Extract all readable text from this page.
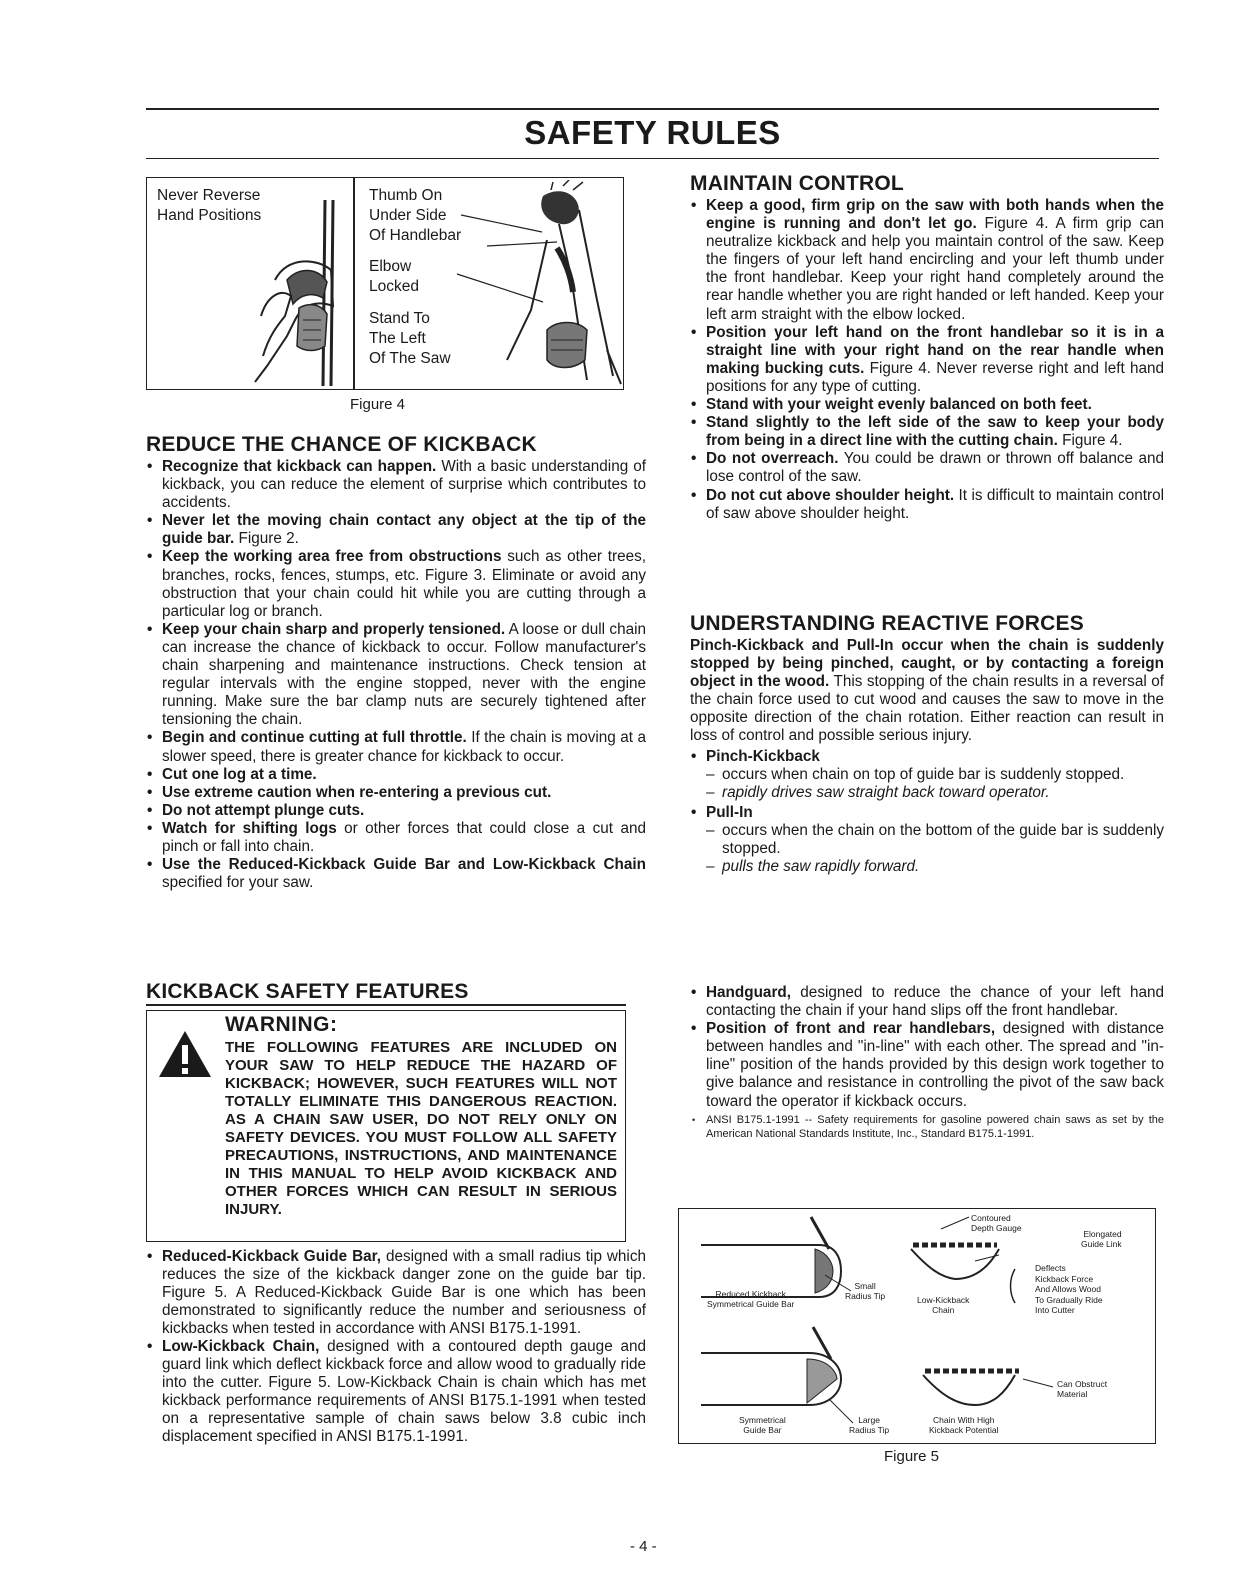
SAFETY RULES
Never Reverse
Hand Positions
Thumb On
Under Side
Of Handlebar
Elbow
Locked
Stand To
The Left
Of The Saw
Figure 4
REDUCE THE CHANCE OF KICKBACK
• Recognize that kickback can happen. With a basic understanding of kickback, you can reduce the element of surprise which contributes to accidents.
• Never let the moving chain contact any object at the tip of the guide bar. Figure 2.
• Keep the working area free from obstructions such as other trees, branches, rocks, fences, stumps, etc. Figure 3. Eliminate or avoid any obstruction that your chain could hit while you are cutting through a particular log or branch.
• Keep your chain sharp and properly tensioned. A loose or dull chain can increase the chance of kickback to occur. Follow manufacturer's chain sharpening and maintenance instructions. Check tension at regular intervals with the engine stopped, never with the engine running. Make sure the bar clamp nuts are securely tightened after tensioning the chain.
• Begin and continue cutting at full throttle. If the chain is moving at a slower speed, there is greater chance for kickback to occur.
• Cut one log at a time.
• Use extreme caution when re-entering a previous cut.
• Do not attempt plunge cuts.
• Watch for shifting logs or other forces that could close a cut and pinch or fall into chain.
• Use the Reduced-Kickback Guide Bar and Low-Kickback Chain specified for your saw.
KICKBACK SAFETY FEATURES
WARNING:
THE FOLLOWING FEATURES ARE INCLUDED ON YOUR SAW TO HELP REDUCE THE HAZARD OF KICKBACK; HOWEVER, SUCH FEATURES WILL NOT TOTALLY ELIMINATE THIS DANGEROUS REACTION. AS A CHAIN SAW USER, DO NOT RELY ONLY ON SAFETY DEVICES. YOU MUST FOLLOW ALL SAFETY PRECAUTIONS, INSTRUCTIONS, AND MAINTENANCE IN THIS MANUAL TO HELP AVOID KICKBACK AND OTHER FORCES WHICH CAN RESULT IN SERIOUS INJURY.
• Reduced-Kickback Guide Bar, designed with a small radius tip which reduces the size of the kickback danger zone on the guide bar tip. Figure 5. A Reduced-Kickback Guide Bar is one which has been demonstrated to significantly reduce the number and seriousness of kickbacks when tested in accordance with ANSI B175.1-1991.
• Low-Kickback Chain, designed with a contoured depth gauge and guard link which deflect kickback force and allow wood to gradually ride into the cutter. Figure 5. Low-Kickback Chain is chain which has met kickback performance requirements of ANSI B175.1-1991 when tested on a representative sample of chain saws below 3.8 cubic inch displacement specified in ANSI B175.1-1991.
MAINTAIN CONTROL
• Keep a good, firm grip on the saw with both hands when the engine is running and don't let go. Figure 4. A firm grip can neutralize kickback and help you maintain control of the saw. Keep the fingers of your left hand encircling and your left thumb under the front handlebar. Keep your right hand completely around the rear handle whether you are right handed or left handed. Keep your left arm straight with the elbow locked.
• Position your left hand on the front handlebar so it is in a straight line with your right hand on the rear handle when making bucking cuts. Figure 4. Never reverse right and left hand positions for any type of cutting.
• Stand with your weight evenly balanced on both feet.
• Stand slightly to the left side of the saw to keep your body from being in a direct line with the cutting chain. Figure 4.
• Do not overreach. You could be drawn or thrown off balance and lose control of the saw.
• Do not cut above shoulder height. It is difficult to maintain control of saw above shoulder height.
UNDERSTANDING REACTIVE FORCES

Pinch-Kickback and Pull-In occur when the chain is suddenly stopped by being pinched, caught, or by contacting a foreign object in the wood. This stopping of the chain results in a reversal of the chain force used to cut wood and causes the saw to move in the opposite direction of the chain rotation. Either reaction can result in loss of control and possible serious injury.

• Pinch-Kickback
– occurs when chain on top of guide bar is suddenly stopped.
– rapidly drives saw straight back toward operator.
• Pull-In
– occurs when the chain on the bottom of the guide bar is suddenly stopped.
– pulls the saw rapidly forward.
• Handguard, designed to reduce the chance of your left hand contacting the chain if your hand slips off the front handlebar.
• Position of front and rear handlebars, designed with distance between handles and "in-line" with each other. The spread and "in-line" position of the hands provided by this design work together to give balance and resistance in controlling the pivot of the saw back toward the operator if kickback occurs.
• ANSI B175.1-1991 -- Safety requirements for gasoline powered chain saws as set by the American National Standards Institute, Inc., Standard B175.1-1991.
Reduced Kickback
Symmetrical Guide Bar
Small
Radius Tip
Contoured
Depth Gauge
Elongated
Guide Link
Low-Kickback
Chain
Deflects
Kickback Force
And Allows Wood
To Gradually Ride
Into Cutter
Symmetrical
Guide Bar
Large
Radius Tip
Can Obstruct
Material
Chain With High
Kickback Potential
Figure 5
- 4 -
